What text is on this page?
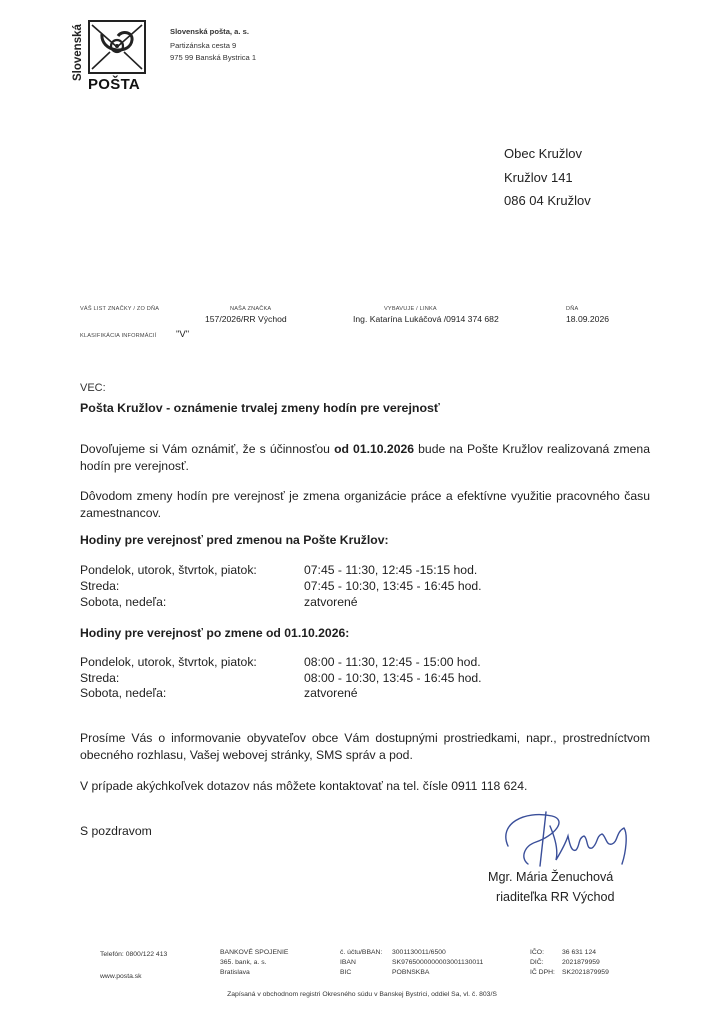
Slovenská
POŠTA
Slovenská pošta, a. s.
Partizánska cesta 9
975 99 Banská Bystrica 1
Obec Kružlov
Kružlov 141
086 04 Kružlov
VÁŠ LIST ZNAČKY / ZO DŇA	NAŠA ZNAČKA
157/2026/RR Východ
VYBAVUJE / LINKA
Ing. Katarína Lukáčová /0914 374 682
DŇA
18.09.2026
KLASIFIKÁCIA INFORMÁCIÍ "V"
VEC:
Pošta Kružlov - oznámenie trvalej zmeny hodín pre verejnosť
Dovoľujeme si Vám oznámiť, že s účinnosťou od 01.10.2026 bude na Pošte Kružlov realizovaná zmena hodín pre verejnosť.
Dôvodom zmeny hodín pre verejnosť je zmena organizácie práce a efektívne využitie pracovného času zamestnancov.
Hodiny pre verejnosť pred zmenou na Pošte Kružlov:
Pondelok, utorok, štvrtok, piatok:	07:45 - 11:30, 12:45 -15:15 hod.
Streda:	07:45 - 10:30, 13:45 - 16:45 hod.
Sobota, nedeľa:	zatvorené
Hodiny pre verejnosť po zmene od 01.10.2026:
Pondelok, utorok, štvrtok, piatok:	08:00 - 11:30, 12:45 - 15:00 hod.
Streda:	08:00 - 10:30, 13:45 - 16:45 hod.
Sobota, nedeľa:	zatvorené
Prosíme Vás o informovanie obyvateľov obce Vám dostupnými prostriedkami, napr., prostredníctvom obecného rozhlasu, Vašej webovej stránky, SMS správ a pod.
V prípade akýchkoľvek dotazov nás môžete kontaktovať na tel. čísle 0911 118 624.
S pozdravom
Mgr. Mária Ženuchová
riaditeľka RR Východ
Telefón: 0800/122 413
www.posta.sk
BANKOVÉ SPOJENIE
365. bank, a. s.
Bratislava
č. účtu/BBAN: 3001130011/6500
IBAN	SK9765000000003001130011
BIC	POBNSKBA
IČO:	36 631 124
DIČ:	2021879959
IČ DPH: SK2021879959
Zapísaná v obchodnom registri Okresného súdu v Banskej Bystrici, oddiel Sa, vl. č. 803/S
